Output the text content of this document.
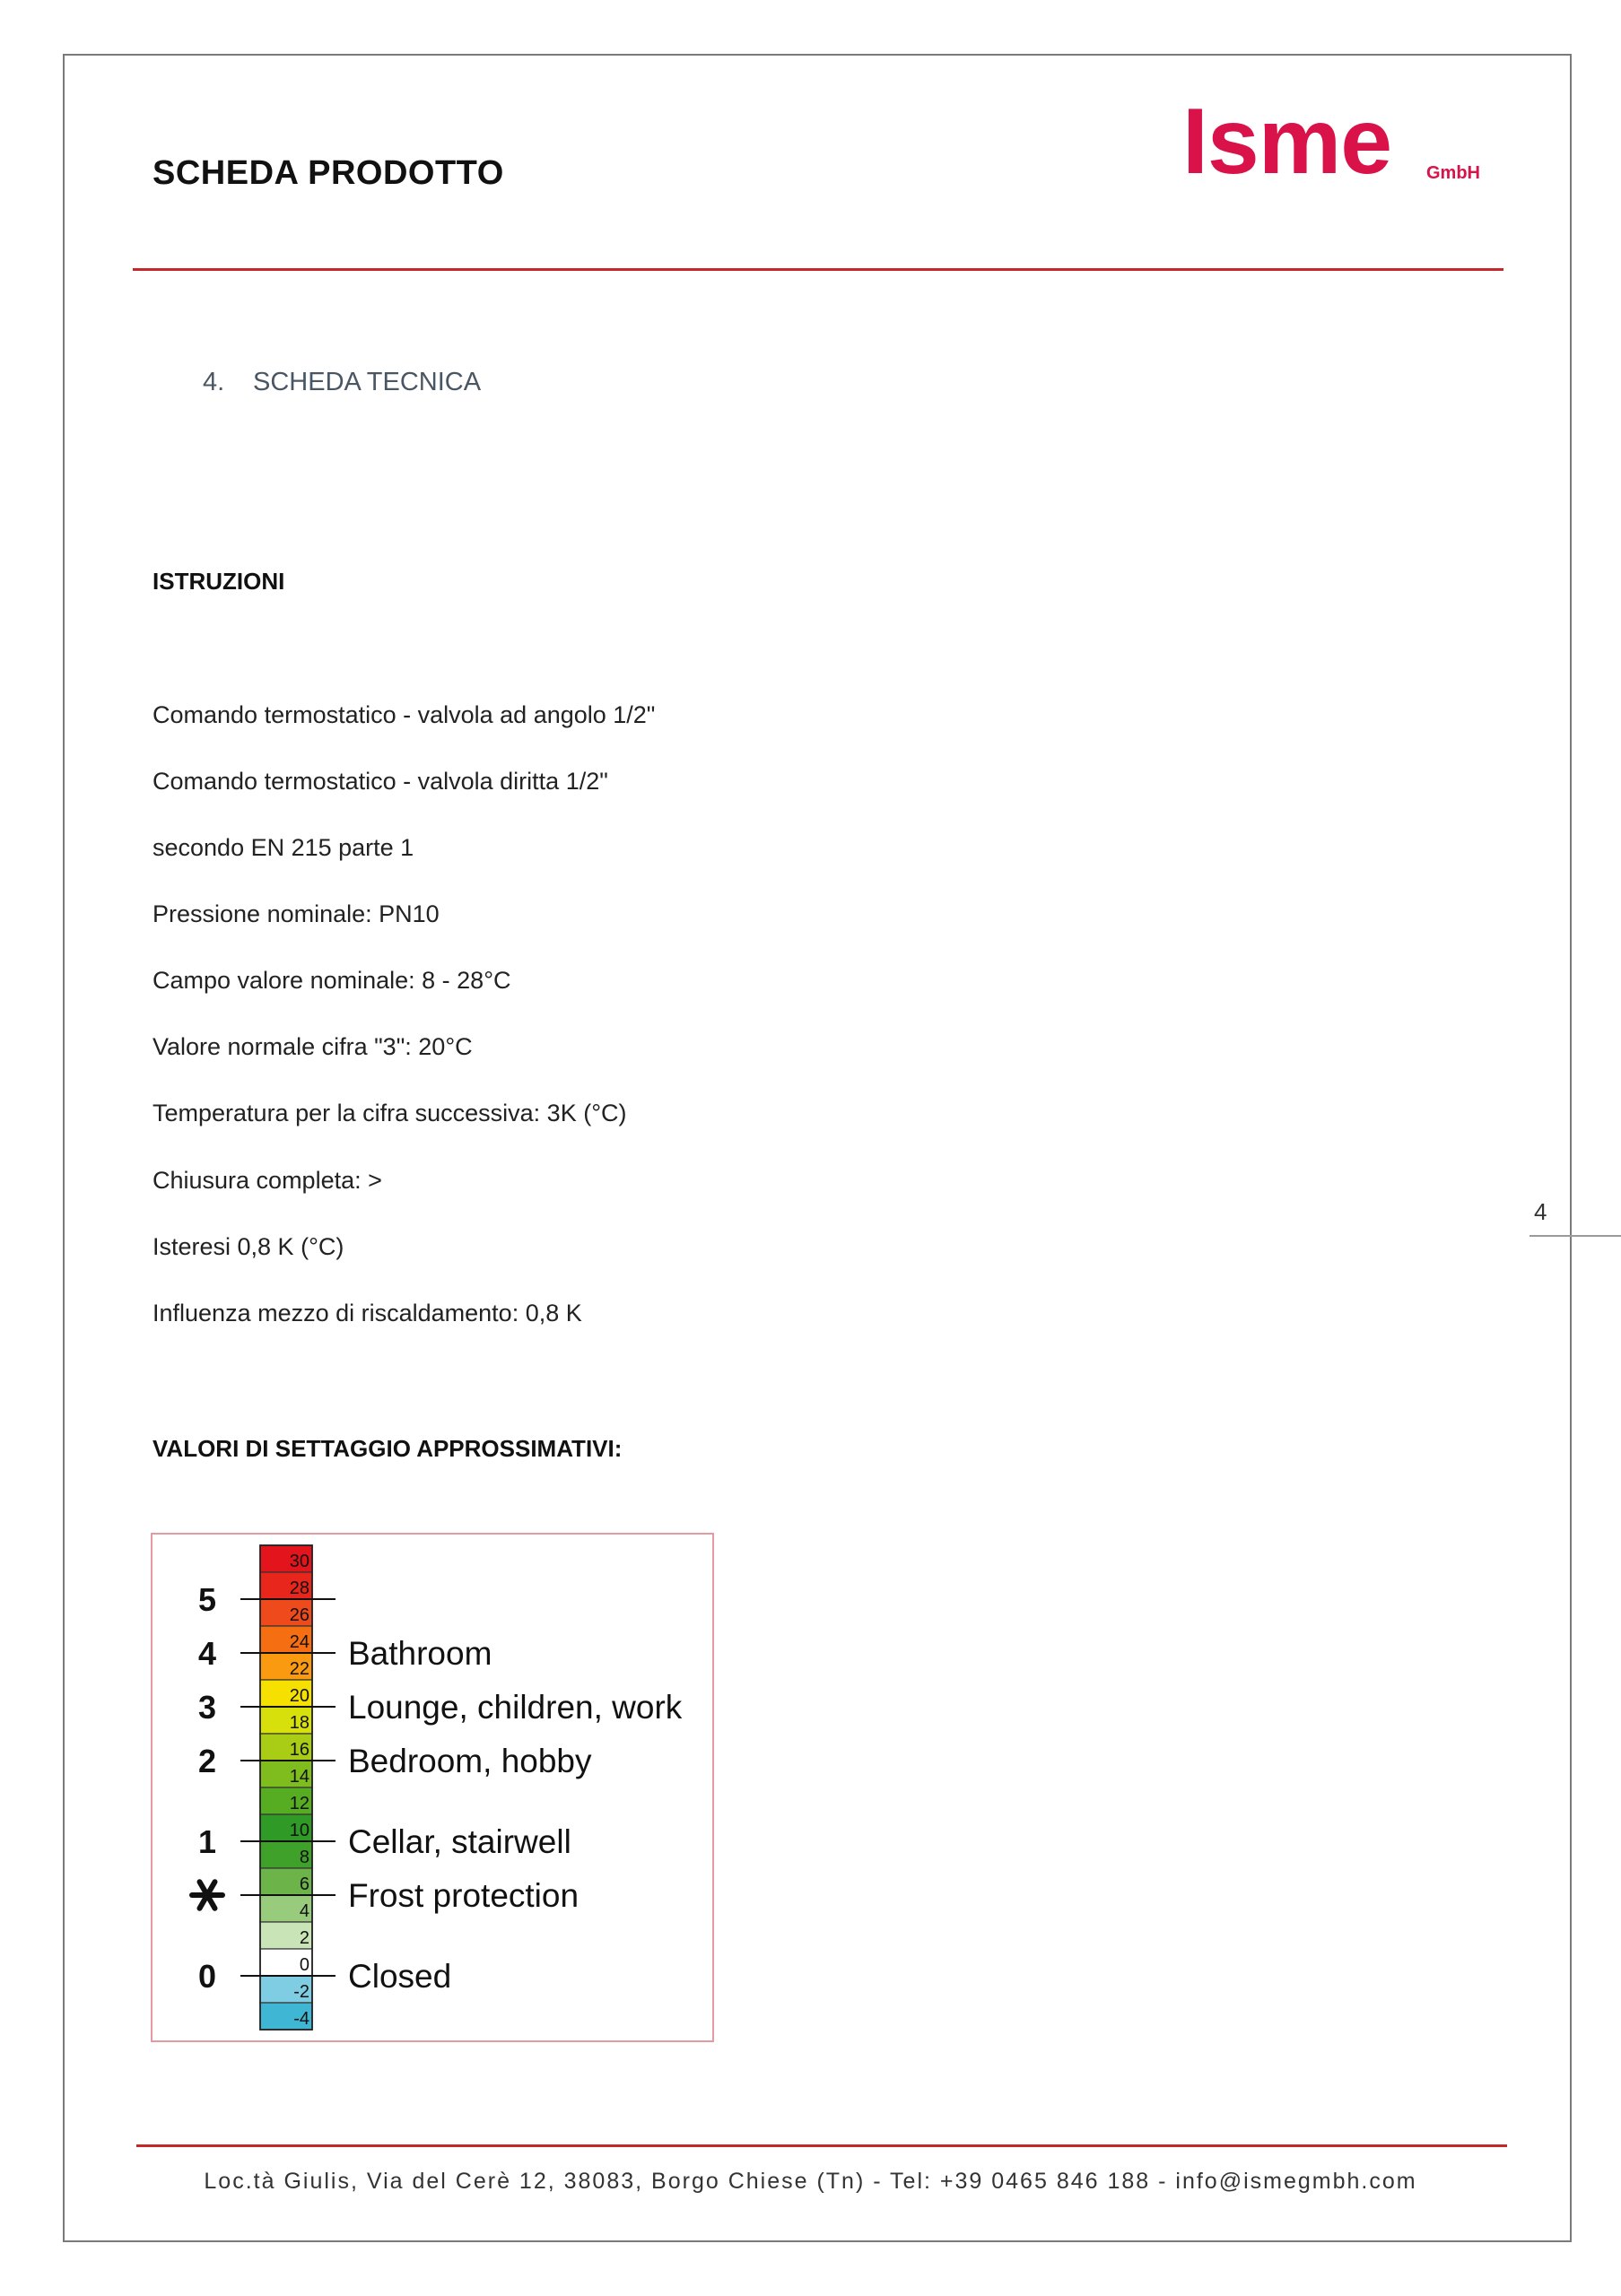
SCHEDA PRODOTTO	Isme GmbH
4. SCHEDA TECNICA
ISTRUZIONI
Comando termostatico - valvola ad angolo 1/2"
Comando termostatico - valvola diritta 1/2"
secondo EN 215 parte 1
Pressione nominale: PN10
Campo valore nominale: 8 - 28°C
Valore normale cifra "3": 20°C
Temperatura per la cifra successiva: 3K (°C)
Chiusura completa: >
Isteresi 0,8 K (°C)
Influenza mezzo di riscaldamento: 0,8 K
VALORI DI SETTAGGIO APPROSSIMATIVI:
30
28
26
24
22
20
18
16
14
12
10
8
6
4
2
0
-2
-4
5
4	Bathroom
3	Lounge, children, work
2	Bedroom, hobby
1	Cellar, stairwell
Frost protection
0	Closed
4
Loc.tà Giulis, Via del Cerè 12, 38083, Borgo Chiese (Tn) - Tel: +39 0465 846 188 - info@ismegmbh.com
